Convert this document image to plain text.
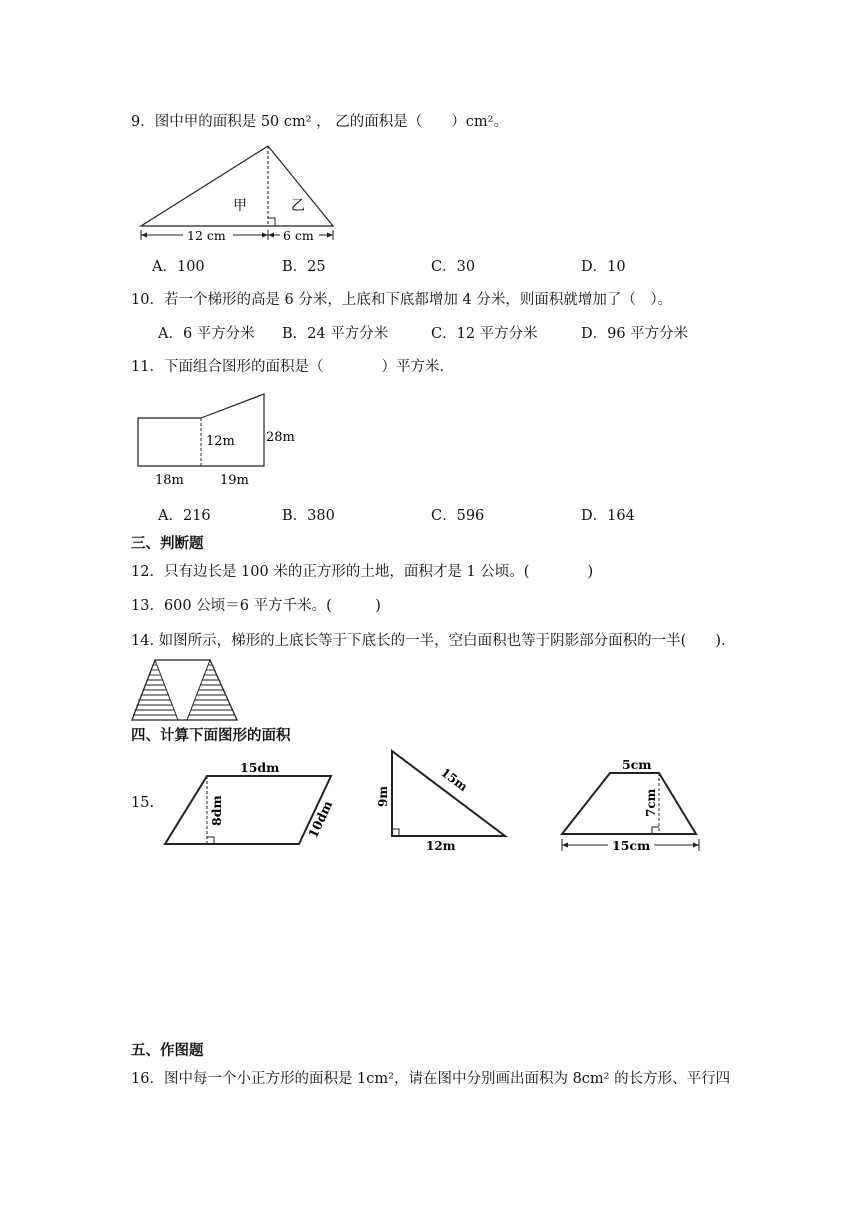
9．图中甲的面积是 50 cm² ， 乙的面积是（　　）cm²。
甲	乙
12 cm	6 cm
A．100	B．25	C．30	D．10
10．若一个梯形的高是 6 分米，上底和下底都增加 4 分米，则面积就增加了（　）。
A．6 平方分米 B．24 平方分米	C．12 平方分米	D．96 平方分米
11．下面组合图形的面积是（　　　　）平方米．
12m 28m
18m	19m
A．216	B．380	C．596	D．164
三、判断题
12．只有边长是 100 米的正方形的土地，面积才是 1 公顷。(　　　　)
13．600 公顷＝6 平方千米。(　　　)
14. 如图所示，梯形的上底长等于下底长的一半，空白面积也等于阴影部分面积的一半(　　).
四、计算下面图形的面积
15.
15dm
8dm	10dm
9m
15m
12m
5cm
7cm
15cm
五、作图题
16．图中每一个小正方形的面积是 1cm²，请在图中分别画出面积为 8cm² 的长方形、平行四
